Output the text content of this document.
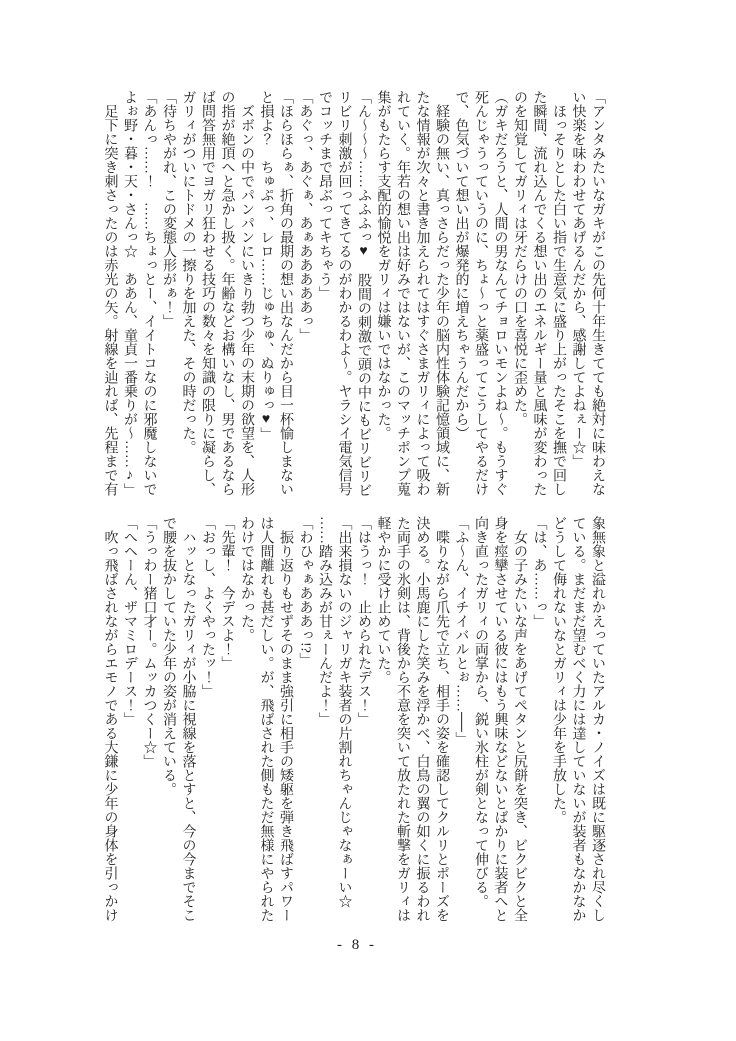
「アンタみたいなガキがこの先何十年生きてても絶対に味わえな
い快楽を味わわせてあげるんだから、感謝してよねぇー☆」
ほっそりとした白い指で生意気に盛り上がったそこを撫で回し
た瞬間、流れ込んでくる想い出のエネルギー量と風味が変わった
のを知覚してガリィは牙だらけの口を喜悦に歪めた。
（ガキだろうと、人間の男なんてチョロいモンよね～。もうすぐ
死んじゃうっていうのに、ちょ～っと薬盛ってこうしてやるだけ
で、色気づいて想い出が爆発的に増えちゃうんだから）
経験の無い、真っさらだった少年の脳内性体験記憶領域に、新
たな情報が次々と書き加えられてはすぐさまガリィによって吸わ
れていく。年若の想い出は好みではないが、このマッチポンプ蒐
集がもたらす支配的愉悦をガリィは嫌いではなかった。
「ん～～～……ふふふっ♥　股間の刺激で頭の中にもビリビリビ
リビリ刺激が回ってきてるのがわかるわよ～。ヤラシイ電気信号
でコッチまで昂ぶってキちゃう」
「あぐっ、あぐぁ、あぁあああああっ」
「ほらほらぁ、折角の最期の想い出なんだから目一杯愉しまない
と損よ？　ちゅぷっ、レロ……じゅちゅ、ぬりゅっ♥」
ズボンの中でパンパンにいきり勃つ少年の末期の欲望を、人形
の指が絶頂へと急かし扱く。年齢などお構いなし、男であるなら
ば問答無用でヨガリ狂わせる技巧の数々を知識の限りに凝らし、
ガリィがついにトドメの一擦りを加えた、その時だった。
「待ちやがれ、この変態人形がぁ！」
「あんっ……！　……ちょっとー、イイトコなのに邪魔しないで
よぉ野・暮・天・さんっ☆　ああん、童貞一番乗りが～……♪」
足下に突き刺さったのは赤光の矢。射線を辿れば、先程まで有
象無象と溢れかえっていたアルカ・ノイズは既に駆逐され尽くし
ている。まだまだ望むべく力には達していないが装者もなかなか
どうして侮れないなとガリィは少年を手放した。
「は、あ……っ」
女の子みたいな声をあげてペタンと尻餅を突き、ビクビクと全
身を痙攣させている彼にはもう興味などないとばかりに装者へと
向き直ったガリィの両掌から、鋭い氷柱が剣となって伸びる。
「ふ～ん、イチイバルとぉ……──」
喋りながら爪先で立ち、相手の姿を確認してクルリとポーズを
決める。小馬鹿にした笑みを浮かべ、白鳥の翼の如くに振るわれ
た両手の氷剣は、背後から不意を突いて放たれた斬撃をガリィは
軽やかに受け止めていた。
「はうっ！　止められたデス！」
「出来損ないのジャリガキ装者の片割れちゃんじゃなぁーい☆
……踏み込みが甘ぇーんだよ！」
「わひゃぁあああっ!?」
振り返りもせずそのまま強引に相手の矮躯を弾き飛ばすパワー
は人間離れも甚だしい。が、飛ばされた側もただ無様にやられた
わけではなかった。
「先輩！　今デスよ！」
「おっし、よくやったッ！」
ハッとなったガリィが小脇に視線を落とすと、今の今までそこ
で腰を抜かしていた少年の姿が消えている。
「うっわー猪口才ー。ムッカつくー☆」
「へヘーん、ザマミロデース！」
吹っ飛ばされながらエモノである大鎌に少年の身体を引っかけ
- 8 -
